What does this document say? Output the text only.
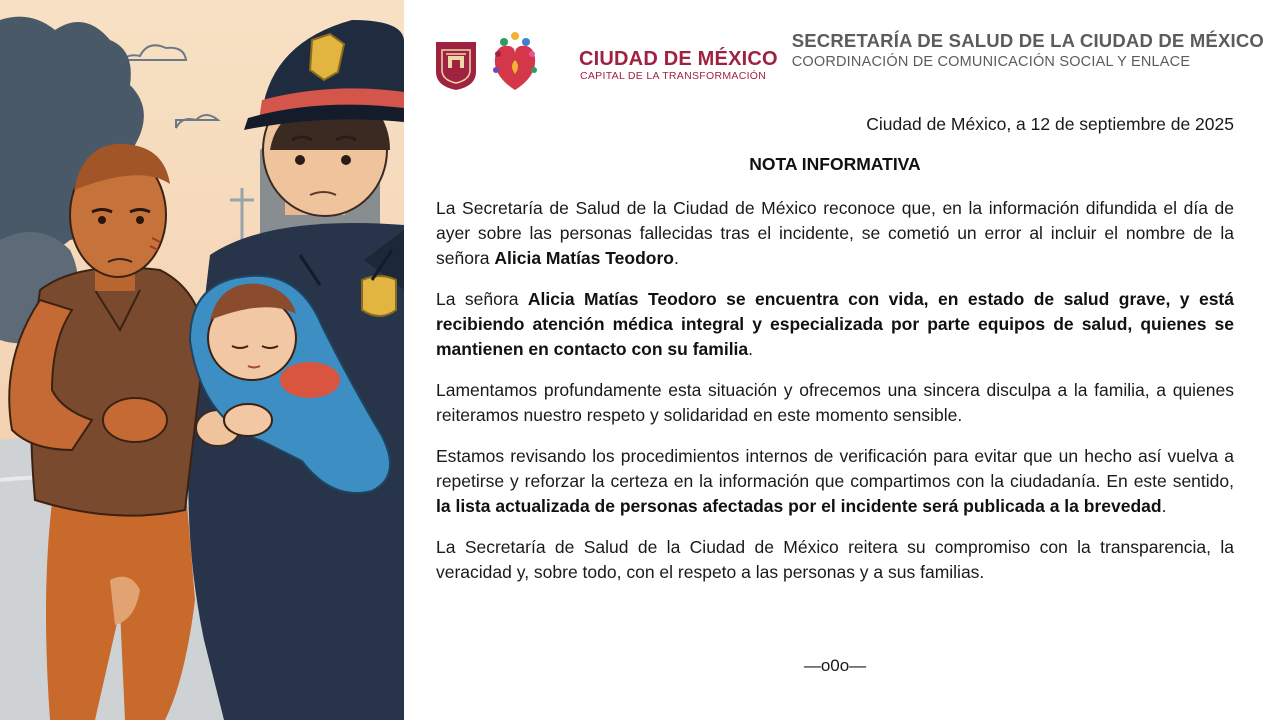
CIUDAD DE MÉXICO
CAPITAL DE LA TRANSFORMACIÓN
SECRETARÍA DE SALUD DE LA CIUDAD DE MÉXICO
COORDINACIÓN DE COMUNICACIÓN SOCIAL Y ENLACE
Ciudad de México, a 12 de septiembre de 2025
NOTA INFORMATIVA

La Secretaría de Salud de la Ciudad de México reconoce que, en la información difundida el día de ayer sobre las personas fallecidas tras el incidente, se cometió un error al incluir el nombre de la señora Alicia Matías Teodoro.

La señora Alicia Matías Teodoro se encuentra con vida, en estado de salud grave, y está recibiendo atención médica integral y especializada por parte equipos de salud, quienes se mantienen en contacto con su familia.

Lamentamos profundamente esta situación y ofrecemos una sincera disculpa a la familia, a quienes reiteramos nuestro respeto y solidaridad en este momento sensible.

Estamos revisando los procedimientos internos de verificación para evitar que un hecho así vuelva a repetirse y reforzar la certeza en la información que compartimos con la ciudadanía. En este sentido, la lista actualizada de personas afectadas por el incidente será publicada a la brevedad.

La Secretaría de Salud de la Ciudad de México reitera su compromiso con la transparencia, la veracidad y, sobre todo, con el respeto a las personas y a sus familias.

—o0o—
